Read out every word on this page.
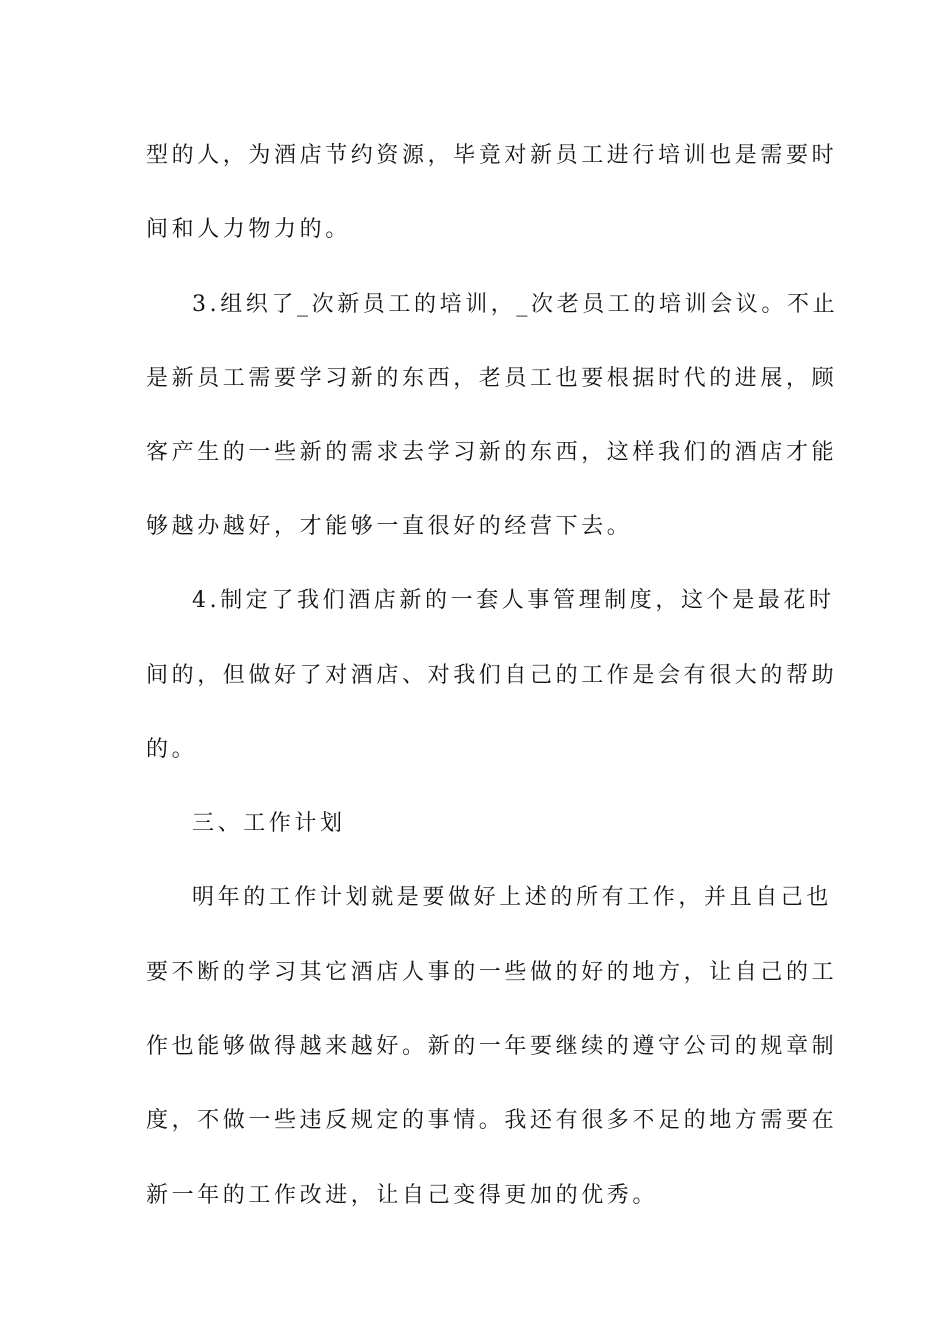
型的人，为酒店节约资源，毕竟对新员工进行培训也是需要时
间和人力物力的。
3.组织了_次新员工的培训，_次老员工的培训会议。不止
是新员工需要学习新的东西，老员工也要根据时代的进展，顾
客产生的一些新的需求去学习新的东西，这样我们的酒店才能
够越办越好，才能够一直很好的经营下去。
4.制定了我们酒店新的一套人事管理制度，这个是最花时
间的，但做好了对酒店、对我们自己的工作是会有很大的帮助
的。
三、工作计划
明年的工作计划就是要做好上述的所有工作，并且自己也
要不断的学习其它酒店人事的一些做的好的地方，让自己的工
作也能够做得越来越好。新的一年要继续的遵守公司的规章制
度，不做一些违反规定的事情。我还有很多不足的地方需要在
新一年的工作改进，让自己变得更加的优秀。
